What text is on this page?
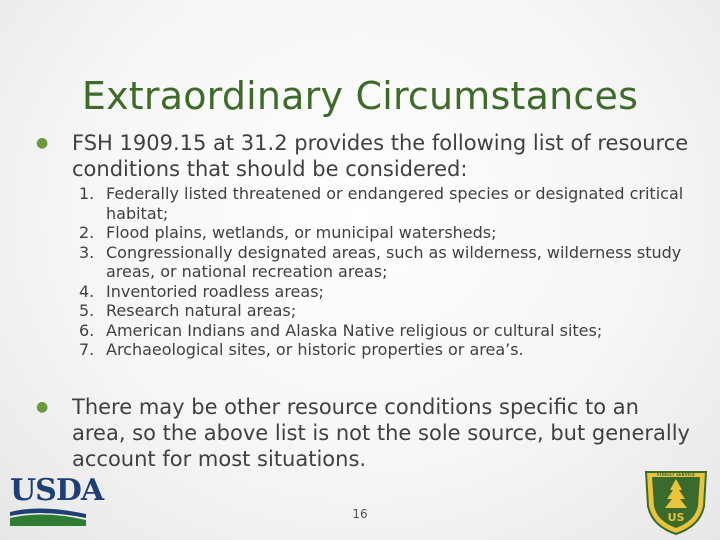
Extraordinary Circumstances
● FSH 1909.15 at 31.2 provides the following list of resource conditions that should be considered:
1. Federally listed threatened or endangered species or designated critical habitat;
2. Flood plains, wetlands, or municipal watersheds;
3. Congressionally designated areas, such as wilderness, wilderness study areas, or national recreation areas;
4. Inventoried roadless areas;
5. Research natural areas;
6. American Indians and Alaska Native religious or cultural sites;
7. Archaeological sites, or historic properties or area’s.
● There may be other resource conditions specific to an area, so the above list is not the sole source, but generally account for most situations.
USDA
16	US
FOREST SERVICE
